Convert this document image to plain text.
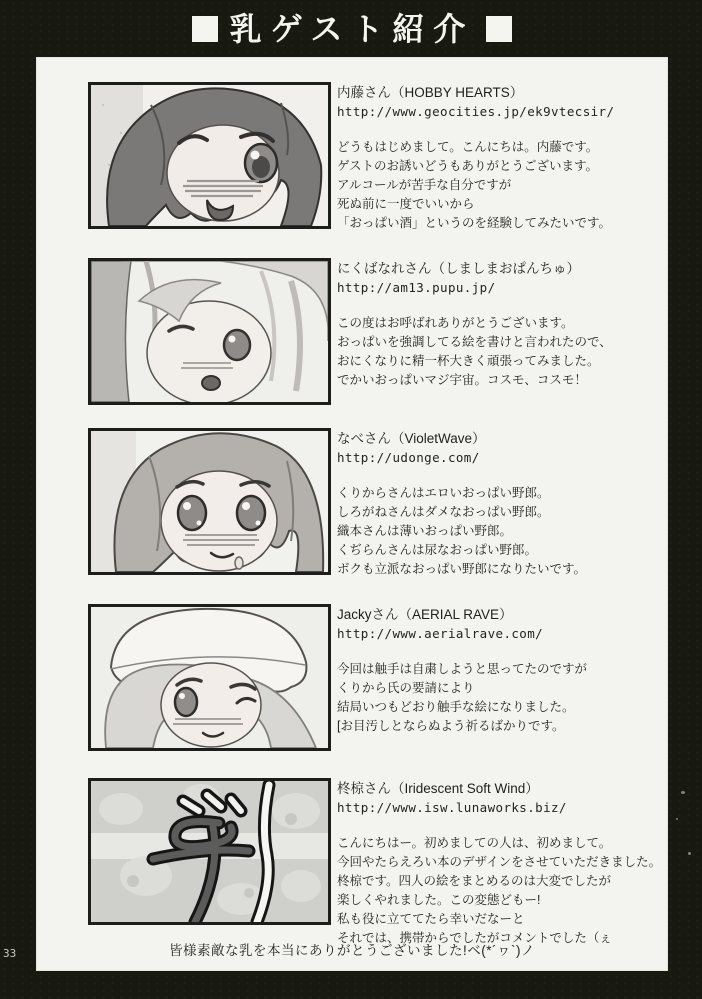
乳ゲスト紹介
内藤さん（HOBBY HEARTS）
http://www.geocities.jp/ek9vtecsir/
どうもはじめまして。こんにちは。内藤です。
ゲストのお誘いどうもありがとうございます。
アルコールが苦手な自分ですが
死ぬ前に一度でいいから
「おっぱい酒」というのを経験してみたいです。
にくばなれさん（しましまおぱんちゅ）
http://am13.pupu.jp/
この度はお呼ばれありがとうございます。
おっぱいを強調してる絵を書けと言われたので、
おにくなりに精一杯大きく頑張ってみました。
でかいおっぱいマジ宇宙。コスモ、コスモ！
なべさん（VioletWave）
http://udonge.com/
くりからさんはエロいおっぱい野郎。
しろがねさんはダメなおっぱい野郎。
織本さんは薄いおっぱい野郎。
くぢらんさんは尿なおっぱい野郎。
ボクも立派なおっぱい野郎になりたいです。
Jackyさん（AERIAL RAVE）
http://www.aerialrave.com/
今回は触手は自粛しようと思ってたのですが
くりから氏の要請により
結局いつもどおり触手な絵になりました。
[お目汚しとならぬよう祈るばかりです。
柊椋さん（Iridescent Soft Wind）
http://www.isw.lunaworks.biz/
こんにちはー。初めましての人は、初めまして。
今回やたらえろい本のデザインをさせていただきました。
柊椋です。四人の絵をまとめるのは大変でしたが
楽しくやれました。この変態どもー!
私も役に立ててたら幸いだなーと
それでは、携帯からでしたがコメントでした（ぇ
皆様素敵な乳を本当にありがとうございました!ベ(*´ヮ`)ノ
33
